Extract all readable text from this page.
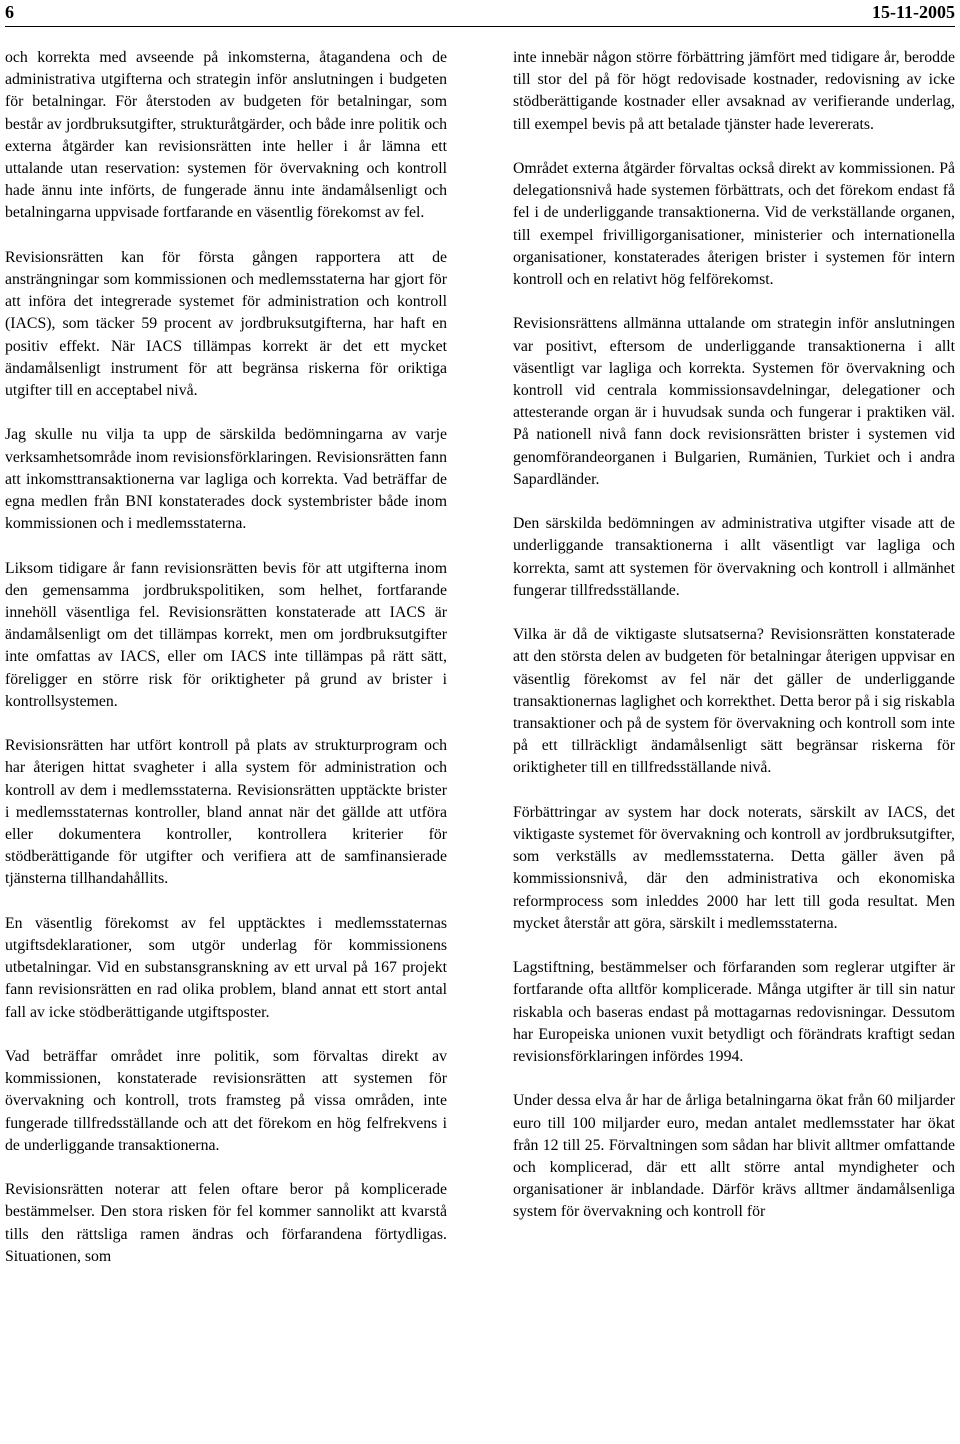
6	15-11-2005

och korrekta med avseende på inkomsterna, åtagandena och de administrativa utgifterna och strategin inför anslutningen i budgeten för betalningar. För återstoden av budgeten för betalningar, som består av jordbruksutgifter, strukturåtgärder, och både inre politik och externa åtgärder kan revisionsrätten inte heller i år lämna ett uttalande utan reservation: systemen för övervakning och kontroll hade ännu inte införts, de fungerade ännu inte ändamålsenligt och betalningarna uppvisade fortfarande en väsentlig förekomst av fel.

Revisionsrätten kan för första gången rapportera att de ansträngningar som kommissionen och medlemsstaterna har gjort för att införa det integrerade systemet för administration och kontroll (IACS), som täcker 59 procent av jordbruksutgifterna, har haft en positiv effekt. När IACS tillämpas korrekt är det ett mycket ändamålsenligt instrument för att begränsa riskerna för oriktiga utgifter till en acceptabel nivå.

Jag skulle nu vilja ta upp de särskilda bedömningarna av varje verksamhetsområde inom revisionsförklaringen. Revisionsrätten fann att inkomsttransaktionerna var lagliga och korrekta. Vad beträffar de egna medlen från BNI konstaterades dock systembrister både inom kommissionen och i medlemsstaterna.

Liksom tidigare år fann revisionsrätten bevis för att utgifterna inom den gemensamma jordbrukspolitiken, som helhet, fortfarande innehöll väsentliga fel. Revisionsrätten konstaterade att IACS är ändamålsenligt om det tillämpas korrekt, men om jordbruksutgifter inte omfattas av IACS, eller om IACS inte tillämpas på rätt sätt, föreligger en större risk för oriktigheter på grund av brister i kontrollsystemen.

Revisionsrätten har utfört kontroll på plats av strukturprogram och har återigen hittat svagheter i alla system för administration och kontroll av dem i medlemsstaterna. Revisionsrätten upptäckte brister i medlemsstaternas kontroller, bland annat när det gällde att utföra eller dokumentera kontroller, kontrollera kriterier för stödberättigande för utgifter och verifiera att de samfinansierade tjänsterna tillhandahållits.

En väsentlig förekomst av fel upptäcktes i medlemsstaternas utgiftsdeklarationer, som utgör underlag för kommissionens utbetalningar. Vid en substansgranskning av ett urval på 167 projekt fann revisionsrätten en rad olika problem, bland annat ett stort antal fall av icke stödberättigande utgiftsposter.

Vad beträffar området inre politik, som förvaltas direkt av kommissionen, konstaterade revisionsrätten att systemen för övervakning och kontroll, trots framsteg på vissa områden, inte fungerade tillfredsställande och att det förekom en hög felfrekvens i de underliggande transaktionerna.

Revisionsrätten noterar att felen oftare beror på komplicerade bestämmelser. Den stora risken för fel kommer sannolikt att kvarstå tills den rättsliga ramen ändras och förfarandena förtydligas. Situationen, som

inte innebär någon större förbättring jämfört med tidigare år, berodde till stor del på för högt redovisade kostnader, redovisning av icke stödberättigande kostnader eller avsaknad av verifierande underlag, till exempel bevis på att betalade tjänster hade levererats.

Området externa åtgärder förvaltas också direkt av kommissionen. På delegationsnivå hade systemen förbättrats, och det förekom endast få fel i de underliggande transaktionerna. Vid de verkställande organen, till exempel frivilligorganisationer, ministerier och internationella organisationer, konstaterades återigen brister i systemen för intern kontroll och en relativt hög felförekomst.

Revisionsrättens allmänna uttalande om strategin inför anslutningen var positivt, eftersom de underliggande transaktionerna i allt väsentligt var lagliga och korrekta. Systemen för övervakning och kontroll vid centrala kommissionsavdelningar, delegationer och attesterande organ är i huvudsak sunda och fungerar i praktiken väl. På nationell nivå fann dock revisionsrätten brister i systemen vid genomförandeorganen i Bulgarien, Rumänien, Turkiet och i andra Sapardländer.

Den särskilda bedömningen av administrativa utgifter visade att de underliggande transaktionerna i allt väsentligt var lagliga och korrekta, samt att systemen för övervakning och kontroll i allmänhet fungerar tillfredsställande.

Vilka är då de viktigaste slutsatserna? Revisionsrätten konstaterade att den största delen av budgeten för betalningar återigen uppvisar en väsentlig förekomst av fel när det gäller de underliggande transaktionernas laglighet och korrekthet. Detta beror på i sig riskabla transaktioner och på de system för övervakning och kontroll som inte på ett tillräckligt ändamålsenligt sätt begränsar riskerna för oriktigheter till en tillfredsställande nivå.

Förbättringar av system har dock noterats, särskilt av IACS, det viktigaste systemet för övervakning och kontroll av jordbruksutgifter, som verkställs av medlemsstaterna. Detta gäller även på kommissionsnivå, där den administrativa och ekonomiska reformprocess som inleddes 2000 har lett till goda resultat. Men mycket återstår att göra, särskilt i medlemsstaterna.

Lagstiftning, bestämmelser och förfaranden som reglerar utgifter är fortfarande ofta alltför komplicerade. Många utgifter är till sin natur riskabla och baseras endast på mottagarnas redovisningar. Dessutom har Europeiska unionen vuxit betydligt och förändrats kraftigt sedan revisionsförklaringen infördes 1994.

Under dessa elva år har de årliga betalningarna ökat från 60 miljarder euro till 100 miljarder euro, medan antalet medlemsstater har ökat från 12 till 25. Förvaltningen som sådan har blivit alltmer omfattande och komplicerad, där ett allt större antal myndigheter och organisationer är inblandade. Därför krävs alltmer ändamålsenliga system för övervakning och kontroll för
